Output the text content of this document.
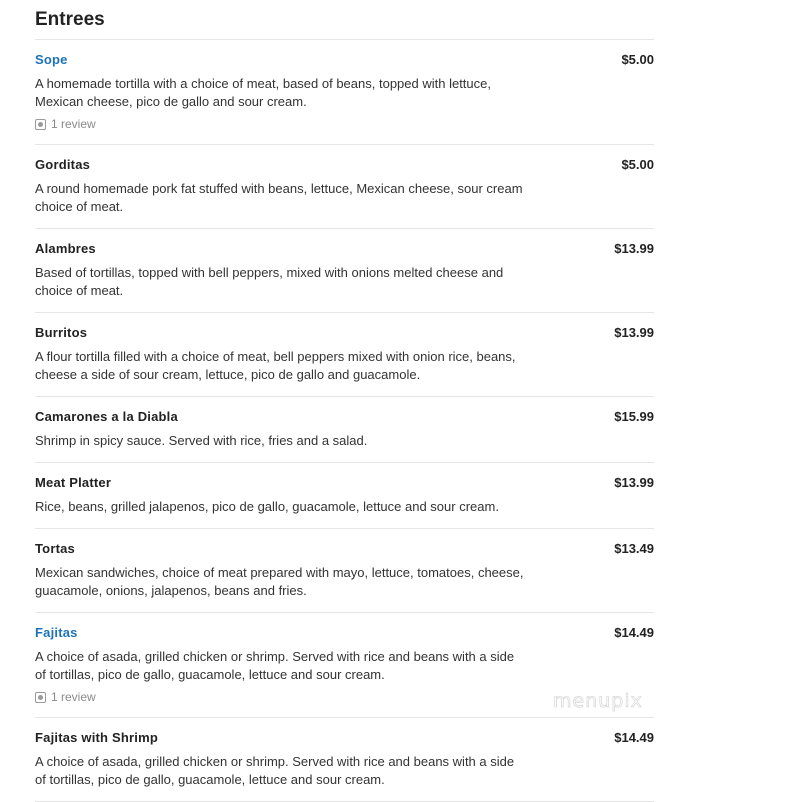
Entrees
Sope	$5.00
A homemade tortilla with a choice of meat, based of beans, topped with lettuce, Mexican cheese, pico de gallo and sour cream.
1 review
Gorditas	$5.00
A round homemade pork fat stuffed with beans, lettuce, Mexican cheese, sour cream choice of meat.
Alambres	$13.99
Based of tortillas, topped with bell peppers, mixed with onions melted cheese and choice of meat.
Burritos	$13.99
A flour tortilla filled with a choice of meat, bell peppers mixed with onion rice, beans, cheese a side of sour cream, lettuce, pico de gallo and guacamole.
Camarones a la Diabla	$15.99
Shrimp in spicy sauce. Served with rice, fries and a salad.
Meat Platter	$13.99
Rice, beans, grilled jalapenos, pico de gallo, guacamole, lettuce and sour cream.
Tortas	$13.49
Mexican sandwiches, choice of meat prepared with mayo, lettuce, tomatoes, cheese, guacamole, onions, jalapenos, beans and fries.
Fajitas	$14.49
A choice of asada, grilled chicken or shrimp. Served with rice and beans with a side of tortillas, pico de gallo, guacamole, lettuce and sour cream.
1 review
Fajitas with Shrimp	$14.49
A choice of asada, grilled chicken or shrimp. Served with rice and beans with a side of tortillas, pico de gallo, guacamole, lettuce and sour cream.
menupix
